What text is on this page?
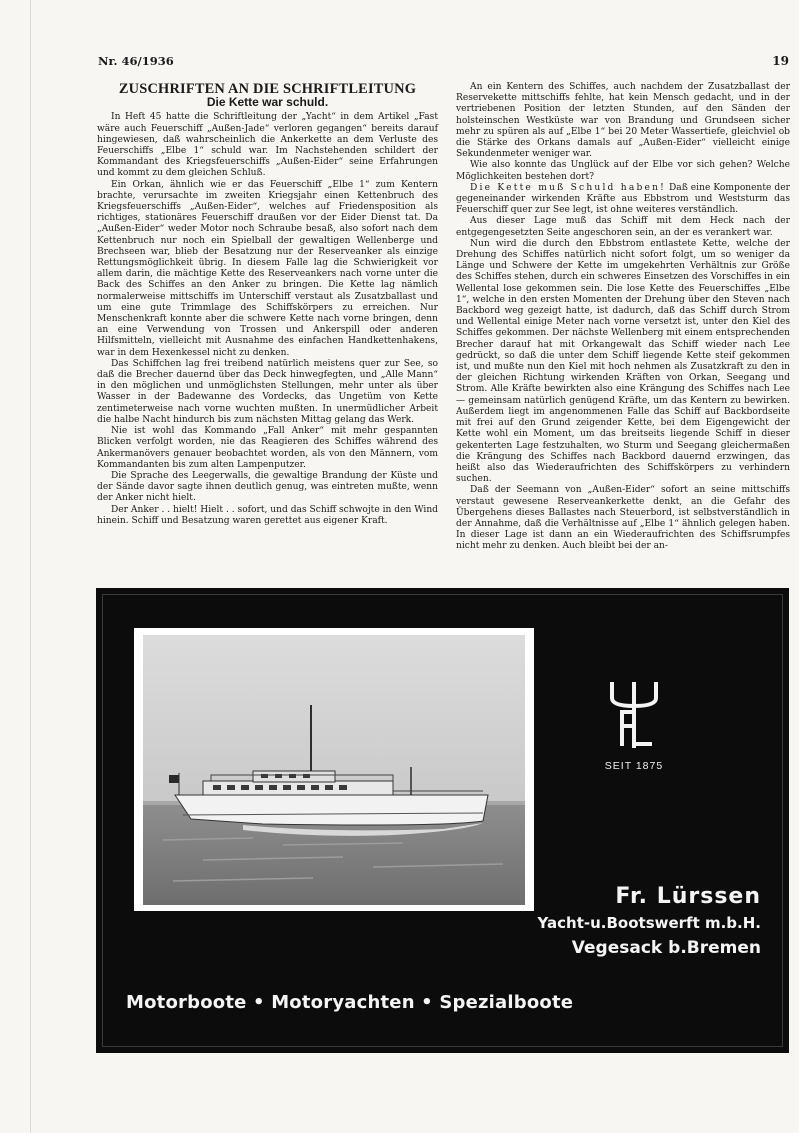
Nr. 46/1936	19
ZUSCHRIFTEN AN DIE SCHRIFTLEITUNG
Die Kette war schuld.

In Heft 45 hatte die Schriftleitung der „Yacht“ in dem Artikel „Fast wäre auch Feuerschiff „Außen-Jade“ verloren gegangen“ bereits darauf hingewiesen, daß wahrscheinlich die Ankerkette an dem Verluste des Feuerschiffs „Elbe 1“ schuld war. Im Nachstehenden schildert der Kommandant des Kriegsfeuerschiffs „Außen-Eider“ seine Erfahrungen und kommt zu dem gleichen Schluß.

Ein Orkan, ähnlich wie er das Feuerschiff „Elbe 1“ zum Kentern brachte, verursachte im zweiten Kriegsjahr einen Kettenbruch des Kriegsfeuerschiffs „Außen-Eider“, welches auf Friedensposition als richtiges, stationäres Feuerschiff draußen vor der Eider Dienst tat. Da „Außen-Eider“ weder Motor noch Schraube besaß, also sofort nach dem Kettenbruch nur noch ein Spielball der gewaltigen Wellenberge und Brechseen war, blieb der Besatzung nur der Reserveanker als einzige Rettungsmöglichkeit übrig. In diesem Falle lag die Schwierigkeit vor allem darin, die mächtige Kette des Reserveankers nach vorne unter die Back des Schiffes an den Anker zu bringen. Die Kette lag nämlich normalerweise mittschiffs im Unterschiff verstaut als Zusatzballast und um eine gute Trimmlage des Schiffskörpers zu erreichen. Nur Menschenkraft konnte aber die schwere Kette nach vorne bringen, denn an eine Verwendung von Trossen und Ankerspill oder anderen Hilfsmitteln, vielleicht mit Ausnahme des einfachen Handkettenhakens, war in dem Hexenkessel nicht zu denken.

Das Schiffchen lag frei treibend natürlich meistens quer zur See, so daß die Brecher dauernd über das Deck hinwegfegten, und „Alle Mann“ in den möglichen und unmöglichsten Stellungen, mehr unter als über Wasser in der Badewanne des Vordecks, das Ungetüm von Kette zentimeterweise nach vorne wuchten mußten. In unermüdlicher Arbeit die halbe Nacht hindurch bis zum nächsten Mittag gelang das Werk.

Nie ist wohl das Kommando „Fall Anker“ mit mehr gespannten Blicken verfolgt worden, nie das Reagieren des Schiffes während des Ankermanövers genauer beobachtet worden, als von den Männern, vom Kommandanten bis zum alten Lampenputzer.

Die Sprache des Leegerwalls, die gewaltige Brandung der Küste und der Sände davor sagte ihnen deutlich genug, was eintreten mußte, wenn der Anker nicht hielt.

Der Anker . . hielt! Hielt . . sofort, und das Schiff schwojte in den Wind hinein. Schiff und Besatzung waren gerettet aus eigener Kraft.

An ein Kentern des Schiffes, auch nachdem der Zusatzballast der Reservekette mittschiffs fehlte, hat kein Mensch gedacht, und in der vertriebenen Position der letzten Stunden, auf den Sänden der holsteinschen Westküste war von Brandung und Grundseen sicher mehr zu spüren als auf „Elbe 1“ bei 20 Meter Wassertiefe, gleichviel ob die Stärke des Orkans damals auf „Außen-Eider“ vielleicht einige Sekundenmeter weniger war.

Wie also konnte das Unglück auf der Elbe vor sich gehen? Welche Möglichkeiten bestehen dort?

Die Kette muß Schuld haben! Daß eine Komponente der gegeneinander wirkenden Kräfte aus Ebbstrom und Weststurm das Feuerschiff quer zur See legt, ist ohne weiteres verständlich.

Aus dieser Lage muß das Schiff mit dem Heck nach der entgegengesetzten Seite angeschoren sein, an der es verankert war.

Nun wird die durch den Ebbstrom entlastete Kette, welche der Drehung des Schiffes natürlich nicht sofort folgt, um so weniger da Länge und Schwere der Kette im umgekehrten Verhältnis zur Größe des Schiffes stehen, durch ein schweres Einsetzen des Vorschiffes in ein Wellental lose gekommen sein. Die lose Kette des Feuerschiffes „Elbe 1“, welche in den ersten Momenten der Drehung über den Steven nach Backbord weg gezeigt hatte, ist dadurch, daß das Schiff durch Strom und Wellental einige Meter nach vorne versetzt ist, unter den Kiel des Schiffes gekommen. Der nächste Wellenberg mit einem entsprechenden Brecher darauf hat mit Orkangewalt das Schiff wieder nach Lee gedrückt, so daß die unter dem Schiff liegende Kette steif gekommen ist, und mußte nun den Kiel mit hoch nehmen als Zusatzkraft zu den in der gleichen Richtung wirkenden Kräften von Orkan, Seegang und Strom. Alle Kräfte bewirkten also eine Krängung des Schiffes nach Lee — gemeinsam natürlich genügend Kräfte, um das Kentern zu bewirken. Außerdem liegt im angenommenen Falle das Schiff auf Backbordseite mit frei auf den Grund zeigender Kette, bei dem Eigengewicht der Kette wohl ein Moment, um das breitseits liegende Schiff in dieser gekenterten Lage festzuhalten, wo Sturm und Seegang gleichermaßen die Krängung des Schiffes nach Backbord dauernd erzwingen, das heißt also das Wiederaufrichten des Schiffskörpers zu verhindern suchen.

Daß der Seemann von „Außen-Eider“ sofort an seine mittschiffs verstaut gewesene Reserveankerkette denkt, an die Gefahr des Übergehens dieses Ballastes nach Steuerbord, ist selbstverständlich in der Annahme, daß die Verhältnisse auf „Elbe 1“ ähnlich gelegen haben. In dieser Lage ist dann an ein Wiederaufrichten des Schiffsrumpfes nicht mehr zu denken. Auch bleibt bei der an-

SEIT 1875
Fr. Lürssen
Yacht-u.Bootswerft m.b.H.
Vegesack b.Bremen
Motorboote • Motoryachten • Spezialboote
